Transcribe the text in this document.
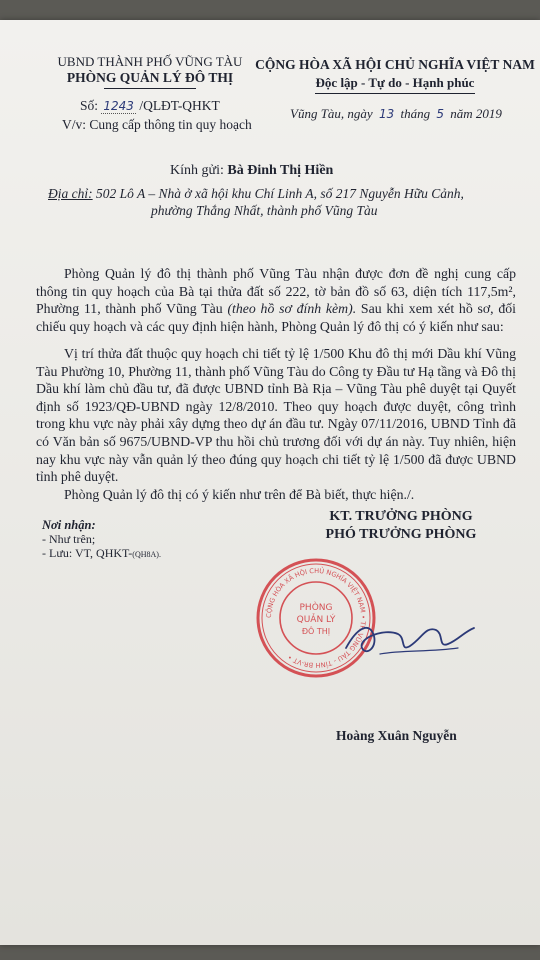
UBND THÀNH PHỐ VŨNG TÀU
PHÒNG QUẢN LÝ ĐÔ THỊ
CỘNG HÒA XÃ HỘI CHỦ NGHĨA VIỆT NAM
Độc lập - Tự do - Hạnh phúc
Số: 1243 /QLĐT-QHKT
V/v: Cung cấp thông tin quy hoạch
Vũng Tàu, ngày 13 tháng 5 năm 2019
Kính gửi: Bà Đinh Thị Hiền
Địa chỉ: 502 Lô A – Nhà ở xã hội khu Chí Linh A, số 217 Nguyễn Hữu Cảnh,
phường Thắng Nhất, thành phố Vũng Tàu
Phòng Quản lý đô thị thành phố Vũng Tàu nhận được đơn đề nghị cung cấp thông tin quy hoạch của Bà tại thửa đất số 222, tờ bản đồ số 63, diện tích 117,5m², Phường 11, thành phố Vũng Tàu (theo hồ sơ đính kèm). Sau khi xem xét hồ sơ, đối chiếu quy hoạch và các quy định hiện hành, Phòng Quản lý đô thị có ý kiến như sau:
Vị trí thửa đất thuộc quy hoạch chi tiết tỷ lệ 1/500 Khu đô thị mới Dầu khí Vũng Tàu Phường 10, Phường 11, thành phố Vũng Tàu do Công ty Đầu tư Hạ tầng và Đô thị Dầu khí làm chủ đầu tư, đã được UBND tỉnh Bà Rịa – Vũng Tàu phê duyệt tại Quyết định số 1923/QĐ-UBND ngày 12/8/2010. Theo quy hoạch được duyệt, công trình trong khu vực này phải xây dựng theo dự án đầu tư. Ngày 07/11/2016, UBND Tỉnh đã có Văn bản số 9675/UBND-VP thu hồi chủ trương đối với dự án này. Tuy nhiên, hiện nay khu vực này vẫn quản lý theo đúng quy hoạch chi tiết tỷ lệ 1/500 đã được UBND tỉnh phê duyệt.
Phòng Quản lý đô thị có ý kiến như trên để Bà biết, thực hiện./.
Nơi nhận:
- Như trên;
- Lưu: VT, QHKT-(QH8A).
KT. TRƯỞNG PHÒNG
PHÓ TRƯỞNG PHÒNG
CỘNG HÒA XÃ HỘI CHỦ NGHĨA VIỆT NAM • TP. VŨNG TÀU - TỈNH BR-VT •
PHÒNG
QUẢN LÝ
ĐÔ THỊ
Hoàng Xuân Nguyễn
